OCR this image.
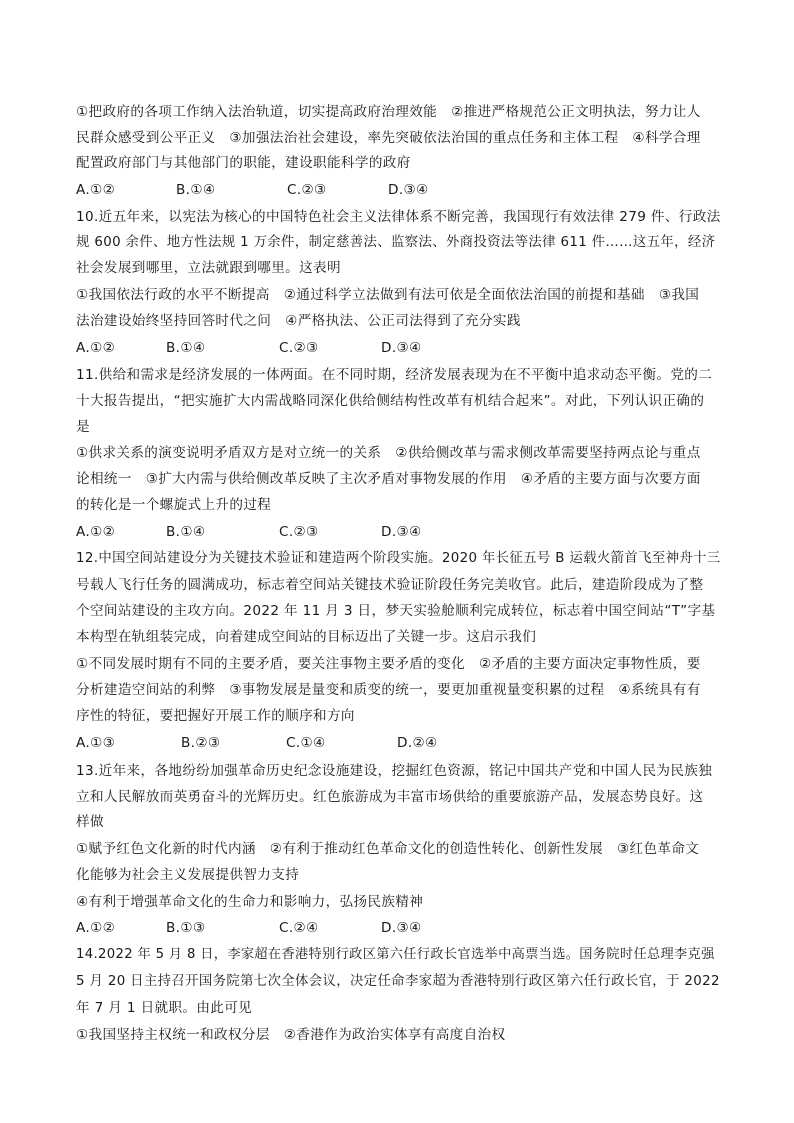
①把政府的各项工作纳入法治轨道，切实提高政府治理效能　②推进严格规范公正文明执法，努力让人
民群众感受到公平正义　③加强法治社会建设，率先突破依法治国的重点任务和主体工程　④科学合理
配置政府部门与其他部门的职能，建设职能科学的政府
A.①②	B.①④	C.②③	D.③④
10.近五年来，以宪法为核心的中国特色社会主义法律体系不断完善，我国现行有效法律 279 件、行政法
规 600 余件、地方性法规 1 万余件，制定慈善法、监察法、外商投资法等法律 611 件……这五年，经济
社会发展到哪里，立法就跟到哪里。这表明
①我国依法行政的水平不断提高　②通过科学立法做到有法可依是全面依法治国的前提和基础　③我国
法治建设始终坚持回答时代之问　④严格执法、公正司法得到了充分实践
A.①②	B.①④	C.②③	D.③④
11.供给和需求是经济发展的一体两面。在不同时期，经济发展表现为在不平衡中追求动态平衡。党的二
十大报告提出，“把实施扩大内需战略同深化供给侧结构性改革有机结合起来”。对此，下列认识正确的
是
①供求关系的演变说明矛盾双方是对立统一的关系　②供给侧改革与需求侧改革需要坚持两点论与重点
论相统一　③扩大内需与供给侧改革反映了主次矛盾对事物发展的作用　④矛盾的主要方面与次要方面
的转化是一个螺旋式上升的过程
A.①②	B.①④	C.②③	D.③④
12.中国空间站建设分为关键技术验证和建造两个阶段实施。2020 年长征五号 B 运载火箭首飞至神舟十三
号载人飞行任务的圆满成功，标志着空间站关键技术验证阶段任务完美收官。此后，建造阶段成为了整
个空间站建设的主攻方向。2022 年 11 月 3 日，梦天实验舱顺利完成转位，标志着中国空间站“T”字基
本构型在轨组装完成，向着建成空间站的目标迈出了关键一步。这启示我们
①不同发展时期有不同的主要矛盾，要关注事物主要矛盾的变化　②矛盾的主要方面决定事物性质，要
分析建造空间站的利弊　③事物发展是量变和质变的统一，要更加重视量变积累的过程　④系统具有有
序性的特征，要把握好开展工作的顺序和方向
A.①③	B.②③	C.①④	D.②④
13.近年来，各地纷纷加强革命历史纪念设施建设，挖掘红色资源，铭记中国共产党和中国人民为民族独
立和人民解放而英勇奋斗的光辉历史。红色旅游成为丰富市场供给的重要旅游产品，发展态势良好。这
样做
①赋予红色文化新的时代内涵　②有利于推动红色革命文化的创造性转化、创新性发展　③红色革命文
化能够为社会主义发展提供智力支持
④有利于增强革命文化的生命力和影响力，弘扬民族精神
A.①②	B.①③	C.②④	D.③④
14.2022 年 5 月 8 日，李家超在香港特别行政区第六任行政长官选举中高票当选。国务院时任总理李克强
5 月 20 日主持召开国务院第七次全体会议，决定任命李家超为香港特别行政区第六任行政长官，于 2022
年 7 月 1 日就职。由此可见
①我国坚持主权统一和政权分层　②香港作为政治实体享有高度自治权
